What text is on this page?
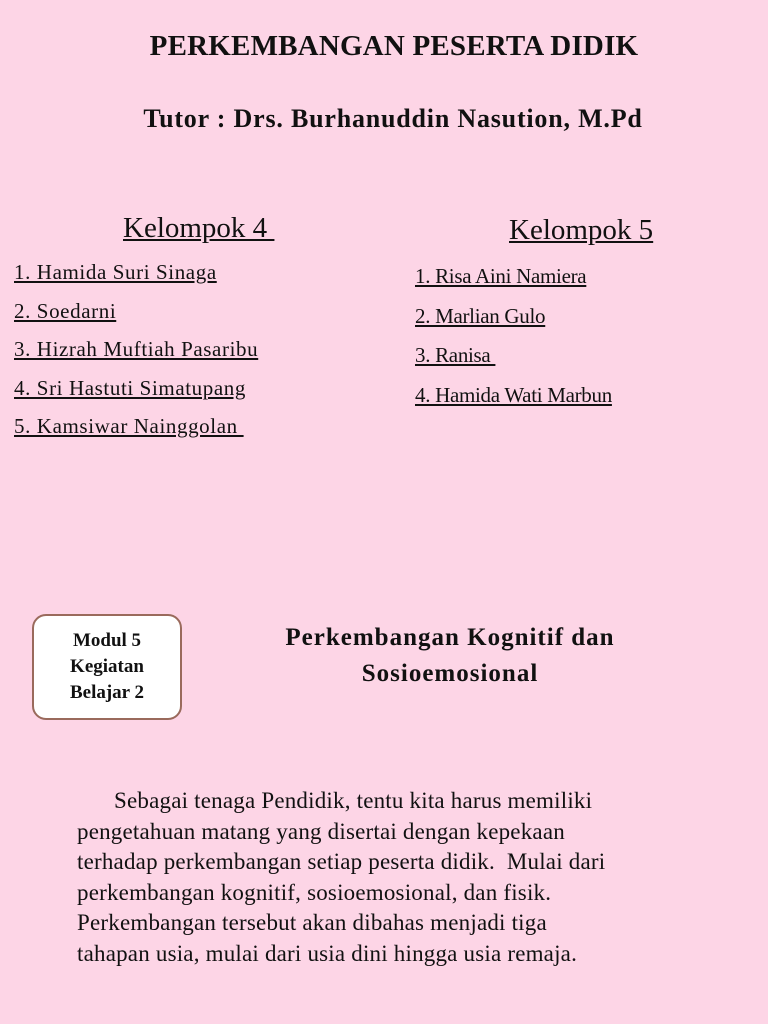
PERKEMBANGAN PESERTA DIDIK
Tutor : Drs. Burhanuddin Nasution, M.Pd
Kelompok 4
1. Hamida Suri Sinaga
2. Soedarni
3. Hizrah Muftiah Pasaribu
4. Sri Hastuti Simatupang
5. Kamsiwar Nainggolan
Kelompok 5
1. Risa Aini Namiera
2. Marlian Gulo
3. Ranisa
4. Hamida Wati Marbun
Modul 5
Kegiatan
Belajar 2
Perkembangan Kognitif dan
Sosioemosional

Sebagai tenaga Pendidik, tentu kita harus memiliki
pengetahuan matang yang disertai dengan kepekaan
terhadap perkembangan setiap peserta didik.  Mulai dari
perkembangan kognitif, sosioemosional, dan fisik.
Perkembangan tersebut akan dibahas menjadi tiga
tahapan usia, mulai dari usia dini hingga usia remaja.
